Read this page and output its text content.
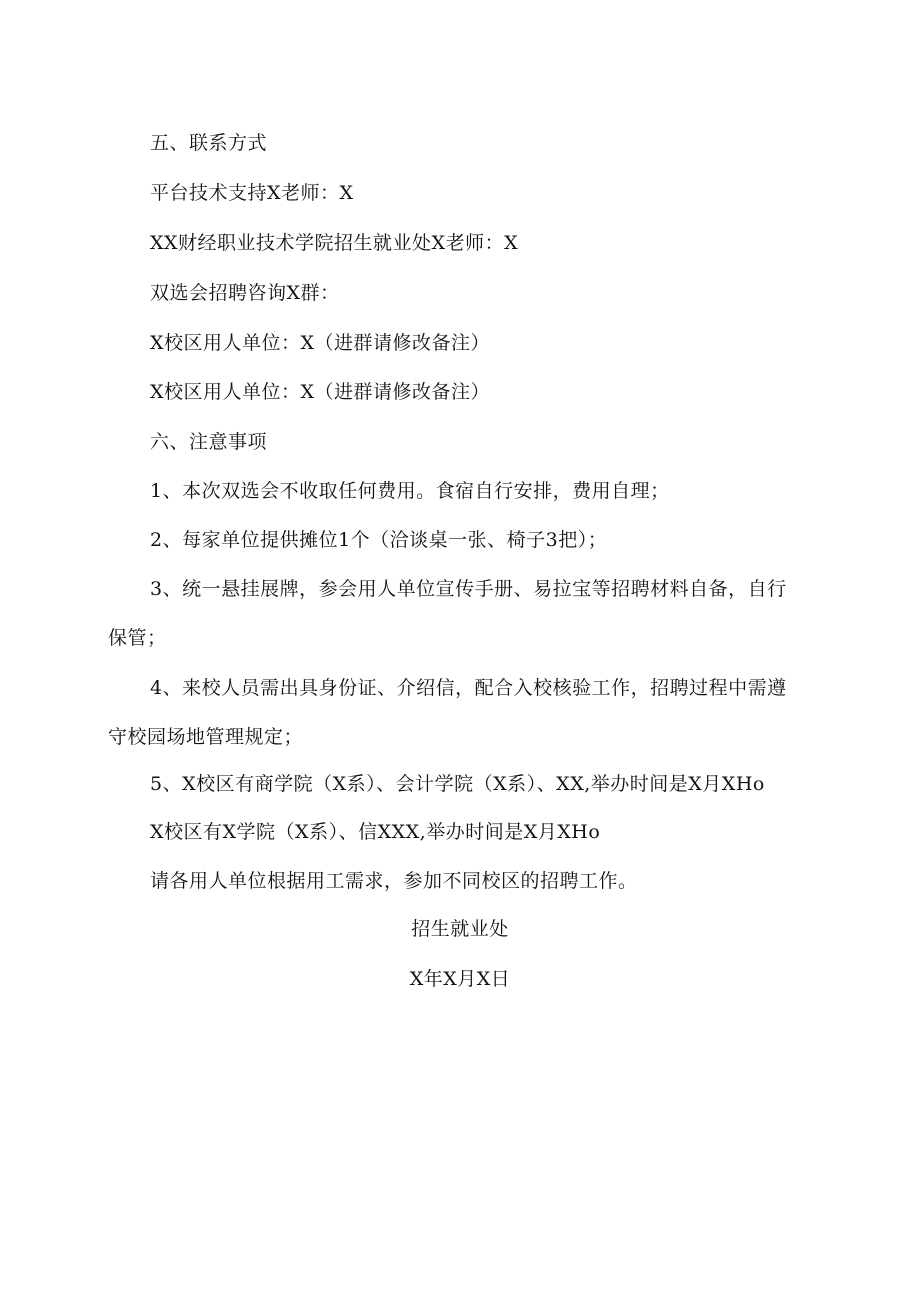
五、联系方式
平台技术支持X老师：X
XX财经职业技术学院招生就业处X老师：X
双选会招聘咨询X群：
X校区用人单位：X（进群请修改备注）
X校区用人单位：X（进群请修改备注）
六、注意事项
1、本次双选会不收取任何费用。食宿自行安排，费用自理；
2、每家单位提供摊位1个（洽谈桌一张、椅子3把）；
3、统一悬挂展牌，参会用人单位宣传手册、易拉宝等招聘材料自备，自行
保管；
4、来校人员需出具身份证、介绍信，配合入校核验工作，招聘过程中需遵
守校园场地管理规定；
5、X校区有商学院（X系）、会计学院（X系）、XX,举办时间是X月XHo
X校区有X学院（X系）、信XXX,举办时间是X月XHo
请各用人单位根据用工需求，参加不同校区的招聘工作。
招生就业处
X年X月X日
